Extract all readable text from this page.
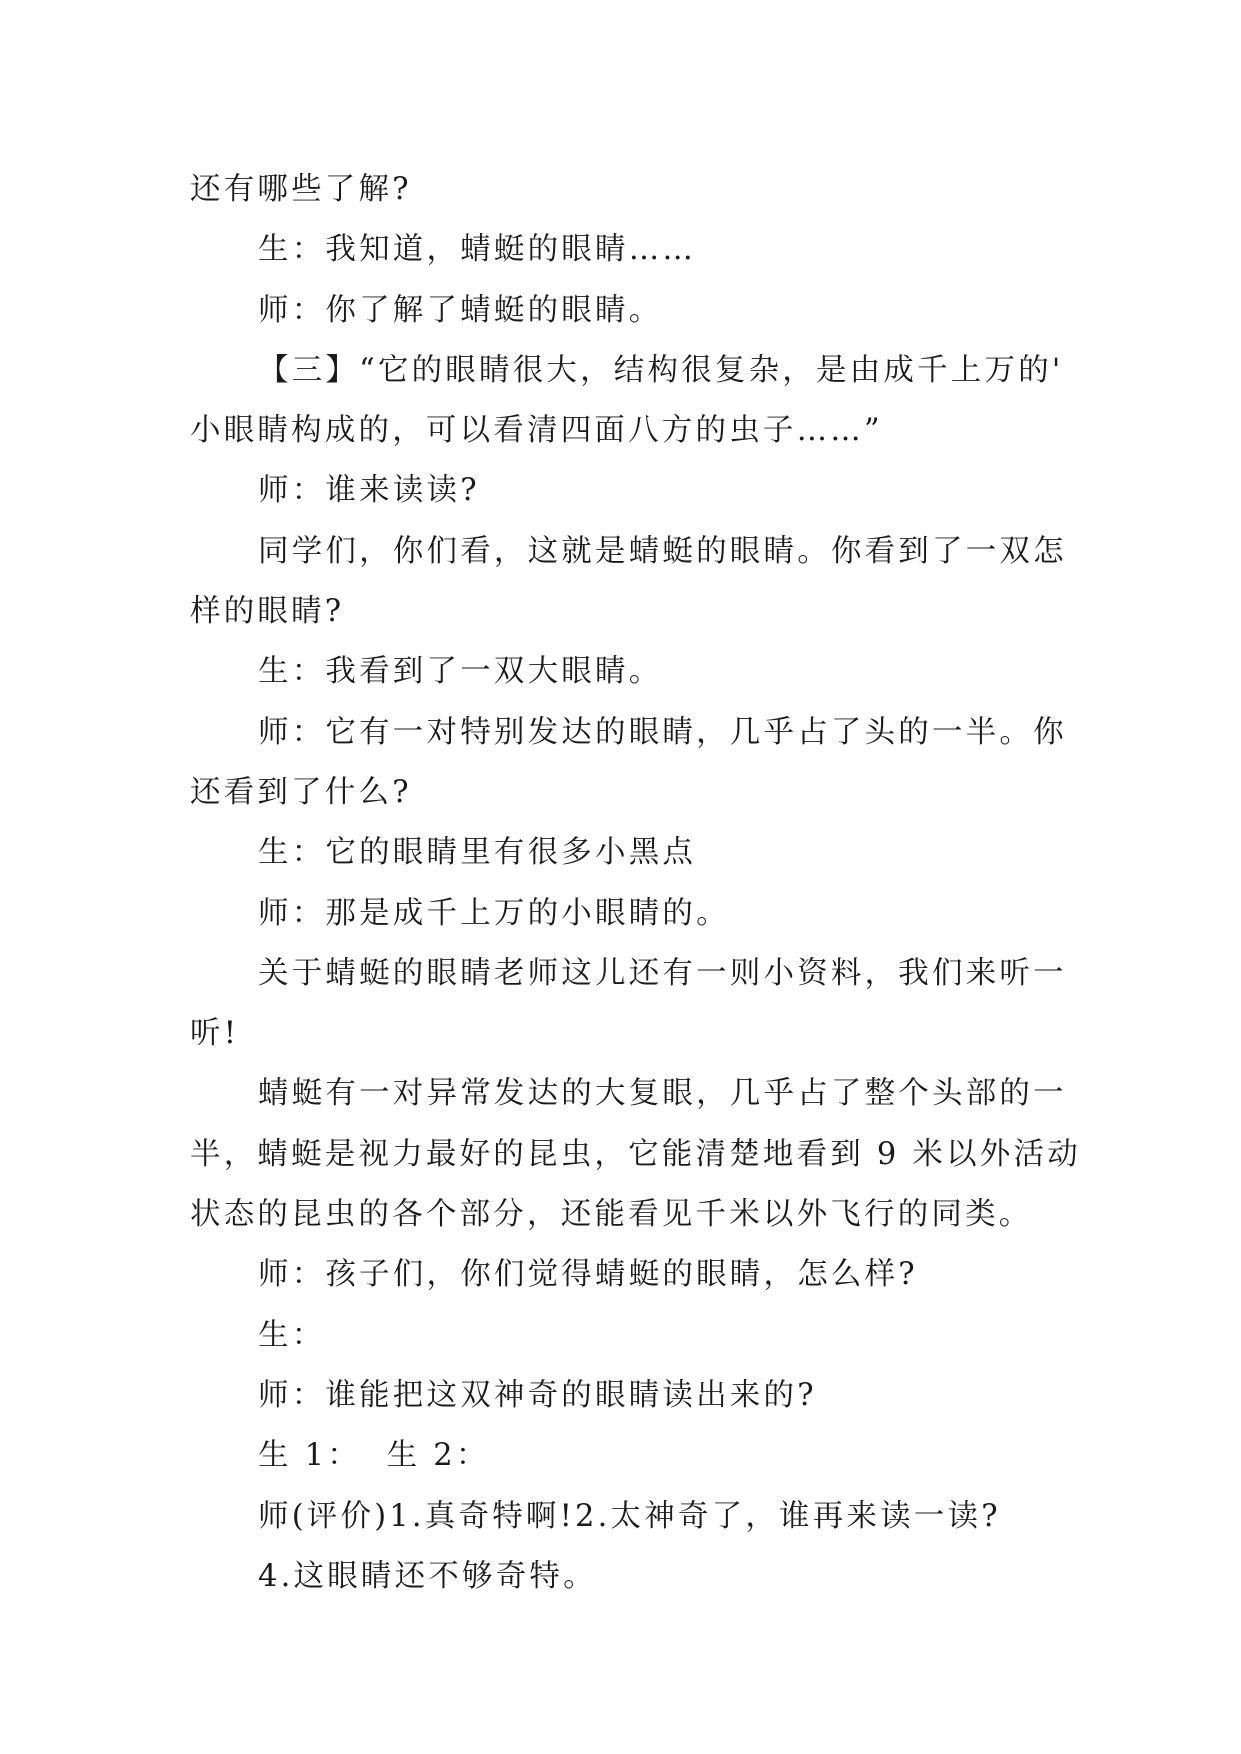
还有哪些了解?
生：我知道，蜻蜓的眼睛……
师：你了解了蜻蜓的眼睛。
【三】“它的眼睛很大，结构很复杂，是由成千上万的'
小眼睛构成的，可以看清四面八方的虫子……”
师：谁来读读?
同学们，你们看，这就是蜻蜓的眼睛。你看到了一双怎
样的眼睛?
生：我看到了一双大眼睛。
师：它有一对特别发达的眼睛，几乎占了头的一半。你
还看到了什么?
生：它的眼睛里有很多小黑点
师：那是成千上万的小眼睛的。
关于蜻蜓的眼睛老师这儿还有一则小资料，我们来听一
听!
蜻蜓有一对异常发达的大复眼，几乎占了整个头部的一
半，蜻蜓是视力最好的昆虫，它能清楚地看到 9 米以外活动
状态的昆虫的各个部分，还能看见千米以外飞行的同类。
师：孩子们，你们觉得蜻蜓的眼睛，怎么样?
生：
师：谁能把这双神奇的眼睛读出来的?
生 1：  生 2：
师(评价)1.真奇特啊!2.太神奇了，谁再来读一读?
4.这眼睛还不够奇特。
